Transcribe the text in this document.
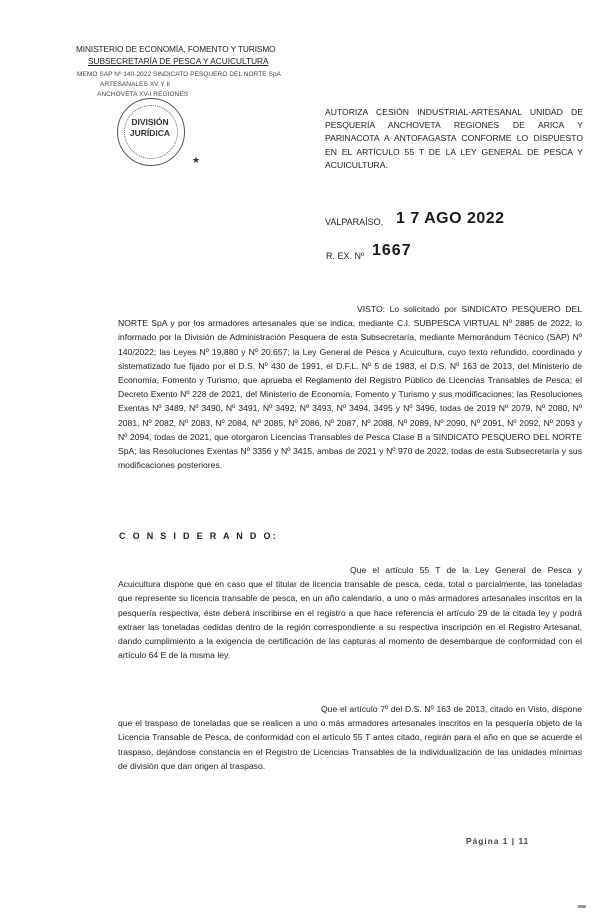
MINISTERIO DE ECONOMÍA, FOMENTO Y TURISMO
SUBSECRETARÍA DE PESCA Y ACUICULTURA
MEMO SAP Nº 140-2022 SINDICATO PESQUERO DEL NORTE SpA
ARTESANALES XV Y II
ANCHOVETA XV-I REGIONES
DIVISIÓN
JURÍDICA
★
AUTORIZA CESIÓN INDUSTRIAL-ARTESANAL UNIDAD DE PESQUERÍA ANCHOVETA REGIONES DE ARICA Y PARINACOTA A ANTOFAGASTA CONFORME LO DISPUESTO EN EL ARTÍCULO 55 T DE LA LEY GENERAL DE PESCA Y ACUICULTURA.
VALPARAÍSO, 1 7 AGO 2022
R. EX. Nº 1667
VISTO: Lo solicitado por SINDICATO PESQUERO DEL NORTE SpA y por los armadores artesanales que se indica, mediante C.I. SUBPESCA VIRTUAL Nº 2885 de 2022; lo informado por la División de Administración Pesquera de esta Subsecretaría, mediante Memorándum Técnico (SAP) Nº 140/2022; las Leyes Nº 19.880 y Nº 20.657; la Ley General de Pesca y Acuicultura, cuyo texto refundido, coordinado y sistematizado fue fijado por el D.S. Nº 430 de 1991, el D.F.L. Nº 5 de 1983, el D.S. Nº 163 de 2013, del Ministerio de Economía, Fomento y Turismo, que aprueba el Reglamento del Registro Público de Licencias Transables de Pesca; el Decreto Exento Nº 228 de 2021, del Ministerio de Economía, Fomento y Turismo y sus modificaciones; las Resoluciones Exentas Nº 3489, Nº 3490, Nº 3491, Nº 3492, Nº 3493, Nº 3494, 3495 y Nº 3496, todas de 2019 Nº 2079, Nº 2080, Nº 2081, Nº 2082, Nº 2083, Nº 2084, Nº 2085, Nº 2086, Nº 2087, Nº 2088, Nº 2089, Nº 2090, Nº 2091, Nº 2092, Nº 2093 y Nº 2094, todas de 2021, que otorgaron Licencias Transables de Pesca Clase B a SINDICATO PESQUERO DEL NORTE SpA; las Resoluciones Exentas Nº 3356 y Nº 3415, ambas de 2021 y Nº 970 de 2022, todas de esta Subsecretaría y sus modificaciones posteriores.
C O N S I D E R A N D O:
Que el artículo 55 T de la Ley General de Pesca y Acuicultura dispone que en caso que el titular de licencia transable de pesca, ceda, total o parcialmente, las toneladas que represente su licencia transable de pesca, en un año calendario, a uno o más armadores artesanales inscritos en la pesquería respectiva, éste deberá inscribirse en el registro a que hace referencia el artículo 29 de la citada ley y podrá extraer las toneladas cedidas dentro de la región correspondiente a su respectiva inscripción en el Registro Artesanal, dando cumplimiento a la exigencia de certificación de las capturas al momento de desembarque de conformidad con el artículo 64 E de la misma ley.
Que el artículo 7º del D.S. Nº 163 de 2013, citado en Visto, dispone que el traspaso de toneladas que se realicen a uno o más armadores artesanales inscritos en la pesquería objeto de la Licencia Transable de Pesca, de conformidad con el artículo 55 T antes citado, regirán para el año en que se acuerde el traspaso, dejándose constancia en el Registro de Licencias Transables de la individualización de las unidades mínimas de división que dan origen al traspaso.
Página 1 | 11
